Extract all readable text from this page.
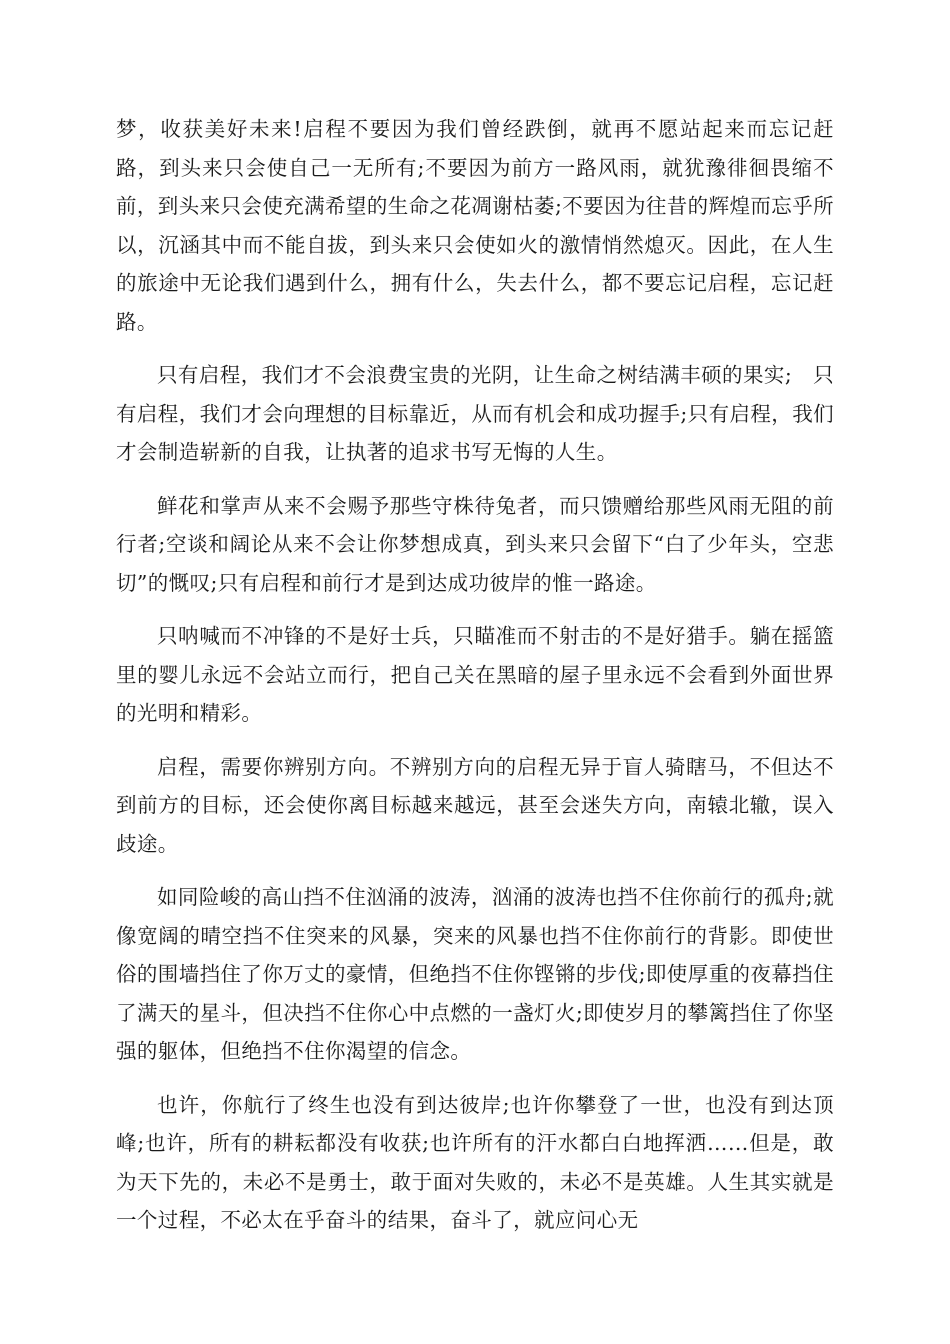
梦，收获美好未来!启程不要因为我们曾经跌倒，就再不愿站起来而忘记赶路，到头来只会使自己一无所有;不要因为前方一路风雨，就犹豫徘徊畏缩不前，到头来只会使充满希望的生命之花凋谢枯萎;不要因为往昔的辉煌而忘乎所以，沉涵其中而不能自拔，到头来只会使如火的激情悄然熄灭。因此，在人生的旅途中无论我们遇到什么，拥有什么，失去什么，都不要忘记启程，忘记赶路。

只有启程，我们才不会浪费宝贵的光阴，让生命之树结满丰硕的果实;　只有启程，我们才会向理想的目标靠近，从而有机会和成功握手;只有启程，我们才会制造崭新的自我，让执著的追求书写无悔的人生。

鲜花和掌声从来不会赐予那些守株待兔者，而只馈赠给那些风雨无阻的前行者;空谈和阔论从来不会让你梦想成真，到头来只会留下“白了少年头，空悲切”的慨叹;只有启程和前行才是到达成功彼岸的惟一路途。

只呐喊而不冲锋的不是好士兵，只瞄准而不射击的不是好猎手。躺在摇篮里的婴儿永远不会站立而行，把自己关在黑暗的屋子里永远不会看到外面世界的光明和精彩。

启程，需要你辨别方向。不辨别方向的启程无异于盲人骑瞎马，不但达不到前方的目标，还会使你离目标越来越远，甚至会迷失方向，南辕北辙，误入歧途。

如同险峻的高山挡不住汹涌的波涛，汹涌的波涛也挡不住你前行的孤舟;就像宽阔的晴空挡不住突来的风暴，突来的风暴也挡不住你前行的背影。即使世俗的围墙挡住了你万丈的豪情，但绝挡不住你铿锵的步伐;即使厚重的夜幕挡住了满天的星斗，但决挡不住你心中点燃的一盏灯火;即使岁月的攀篱挡住了你坚强的躯体，但绝挡不住你渴望的信念。

也许，你航行了终生也没有到达彼岸;也许你攀登了一世，也没有到达顶峰;也许，所有的耕耘都没有收获;也许所有的汗水都白白地挥洒……但是，敢为天下先的，未必不是勇士，敢于面对失败的，未必不是英雄。人生其实就是一个过程，不必太在乎奋斗的结果，奋斗了，就应问心无
